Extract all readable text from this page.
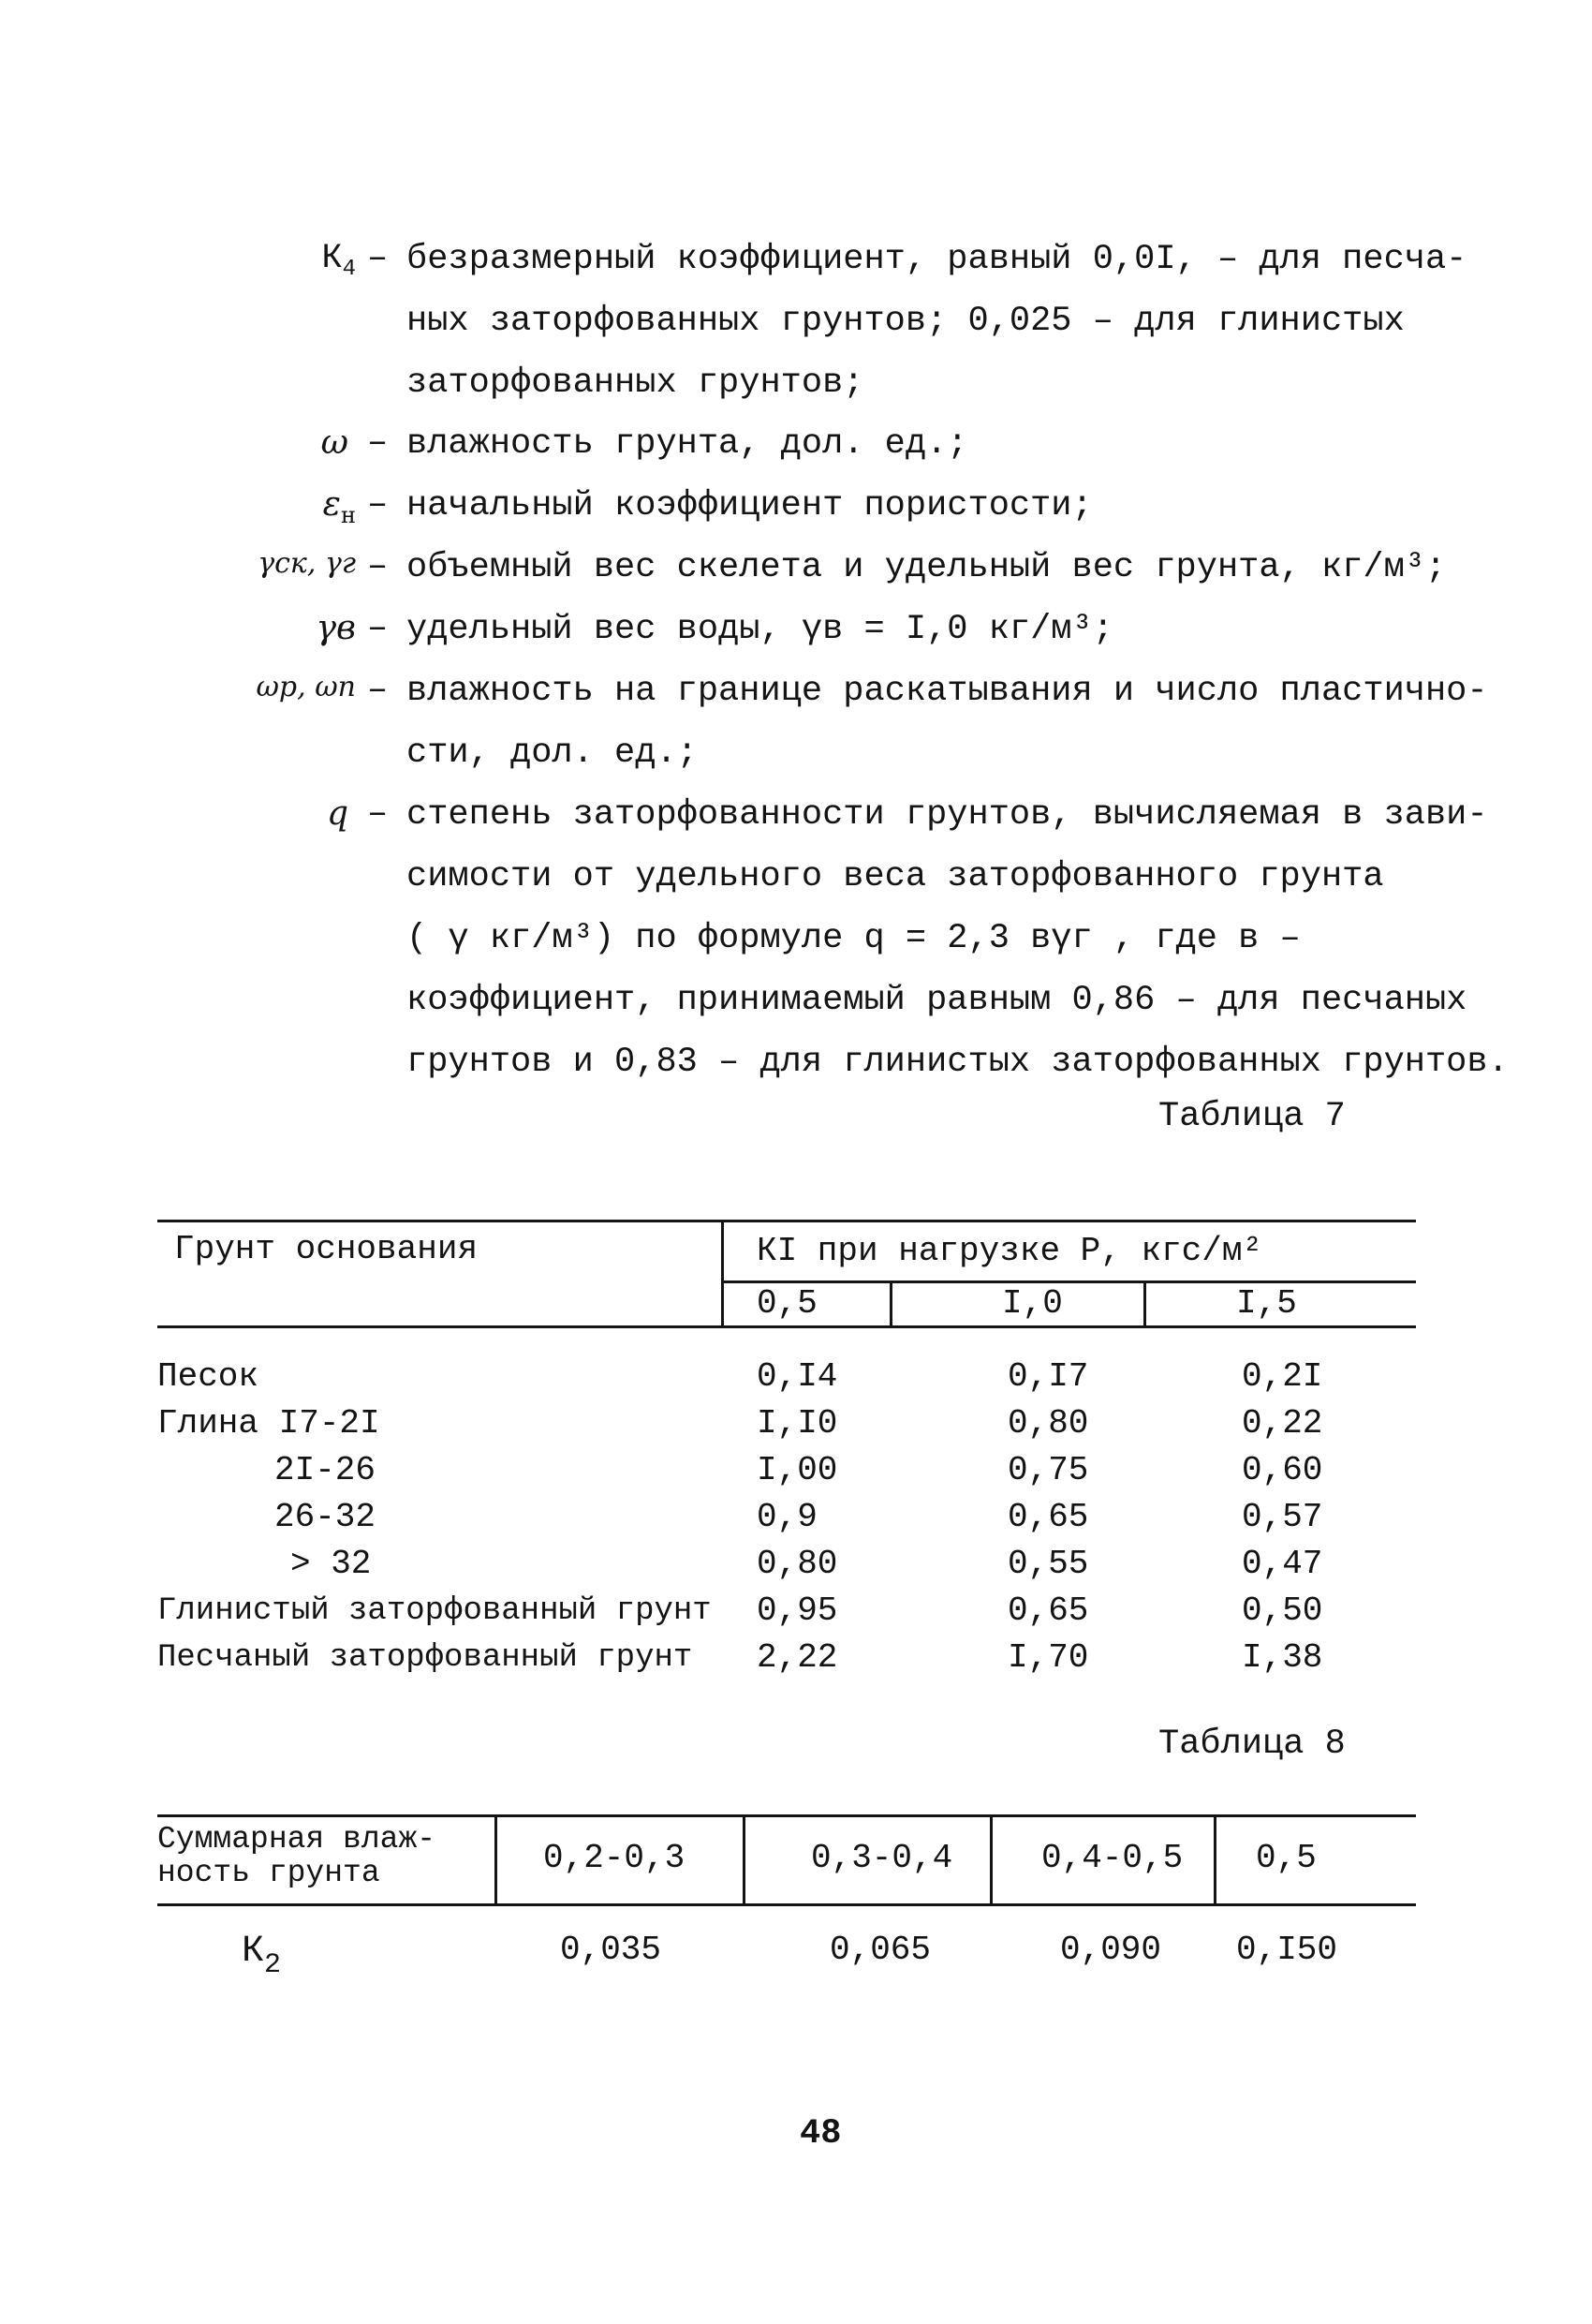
$К_4$ – безразмерный коэффициент, равный 0,0I, – для песча-
ных заторфованных грунтов; 0,025 – для глинистых
заторфованных грунтов;
ω – влажность грунта, дол. ед.;
$\varepsilon_н$ – начальный коэффициент пористости;
γск, γг – объемный вес скелета и удельный вес грунта, кг/м³;
γв – удельный вес воды, γв = I,0 кг/м³;
ωр, ωп – влажность на границе раскатывания и число пластично-
сти, дол. ед.;
q – степень заторфованности грунтов, вычисляемая в зави-
симости от удельного веса заторфованного грунта
( γ кг/м³) по формуле q = 2,3 вγг , где в –
коэффициент, принимаемый равным 0,86 – для песчаных
грунтов и 0,83 – для глинистых заторфованных грунтов.
Таблица 7
Грунт основания	КI при нагрузке Р, кгс/м²
0,5	I,0	I,5
Песок	0,I4	0,I7	0,2I
Глина I7-2I	I,I0	0,80	0,22
2I-26	I,00	0,75	0,60
26-32	0,9	0,65	0,57
> 32	0,80	0,55	0,47
Глинистый заторфованный грунт 0,95	0,65	0,50
Песчаный заторфованный грунт 2,22	I,70	I,38
Таблица 8
Суммарная влаж-
ность грунта	0,2-0,3	0,3-0,4	0,4-0,5 0,5
$К_2$	0,035	0,065	0,090 0,I50
48
